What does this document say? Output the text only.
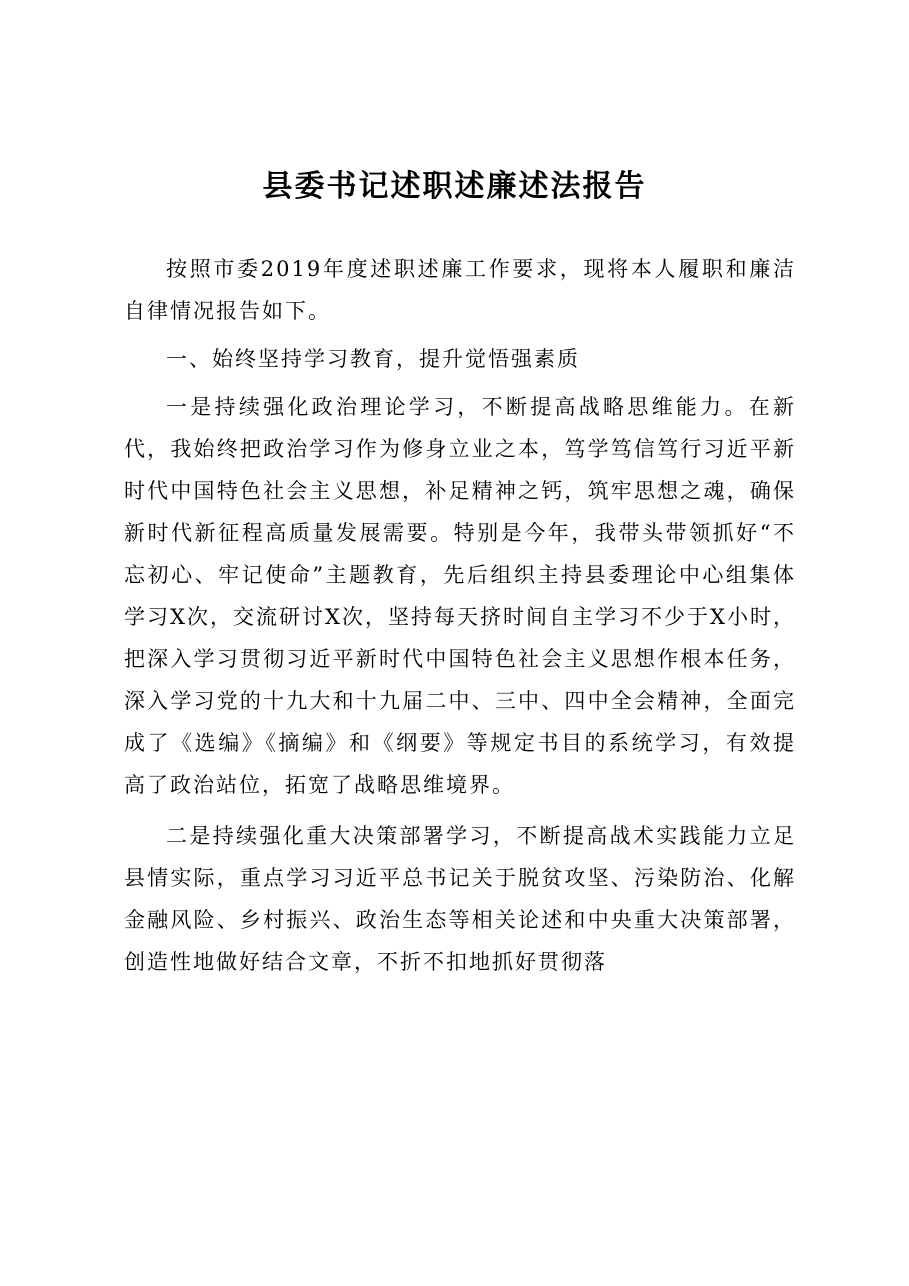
县委书记述职述廉述法报告

按照市委2019年度述职述廉工作要求，现将本人履职和廉洁自律情况报告如下。

一、始终坚持学习教育，提升觉悟强素质

一是持续强化政治理论学习，不断提高战略思维能力。在新代，我始终把政治学习作为修身立业之本，笃学笃信笃行习近平新时代中国特色社会主义思想，补足精神之钙，筑牢思想之魂，确保新时代新征程高质量发展需要。特别是今年，我带头带领抓好“不忘初心、牢记使命”主题教育，先后组织主持县委理论中心组集体学习X次，交流研讨X次，坚持每天挤时间自主学习不少于X小时，把深入学习贯彻习近平新时代中国特色社会主义思想作根本任务，深入学习党的十九大和十九届二中、三中、四中全会精神，全面完成了《选编》《摘编》和《纲要》等规定书目的系统学习，有效提高了政治站位，拓宽了战略思维境界。

二是持续强化重大决策部署学习，不断提高战术实践能力立足县情实际，重点学习习近平总书记关于脱贫攻坚、污染防治、化解金融风险、乡村振兴、政治生态等相关论述和中央重大决策部署，创造性地做好结合文章，不折不扣地抓好贯彻落
